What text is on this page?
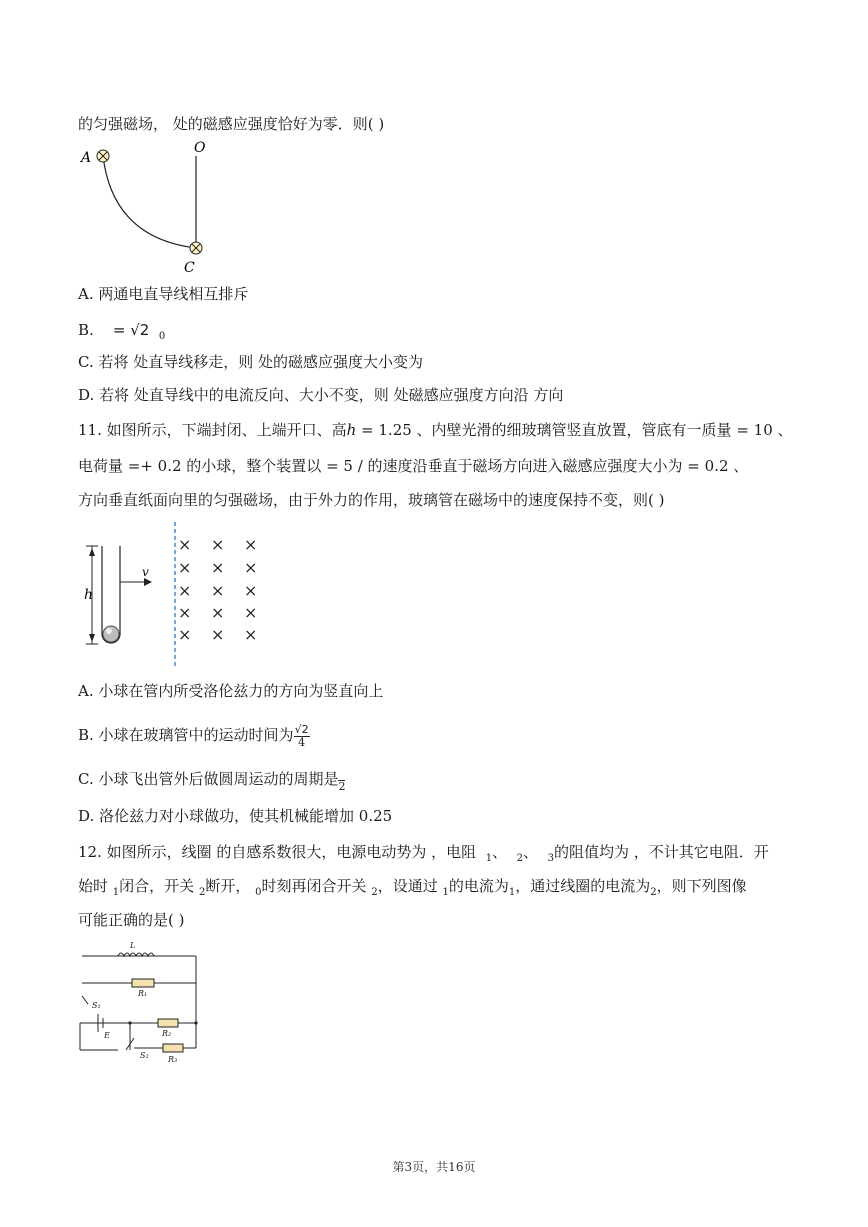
的匀强磁场， 处的磁感应强度恰好为零．则( )
A
O
C
A. 两通电直导线相互排斥
B. = √2 $_0$
C. 若将 处直导线移走，则 处的磁感应强度大小变为
D. 若将 处直导线中的电流反向、大小不变，则 处磁感应强度方向沿 方向
11. 如图所示，下端封闭、上端开口、高ℎ = 1.25 、内壁光滑的细玻璃管竖直放置，管底有一质量 = 10 、
电荷量 =+ 0.2 的小球，整个装置以 = 5 / 的速度沿垂直于磁场方向进入磁感应强度大小为 = 0.2 、
方向垂直纸面向里的匀强磁场，由于外力的作用，玻璃管在磁场中的速度保持不变，则( )
h
v
× × ×
× × ×
× × ×
× × ×
× × ×
A. 小球在管内所受洛伦兹力的方向为竖直向上
B. 小球在玻璃管中的运动时间为 $\frac{√2}{4}$
C. 小球飞出管外后做圆周运动的周期是
2
D. 洛伦兹力对小球做功，使其机械能增加 0.25
12. 如图所示，线圈 的自感系数很大，电源电动势为 ，电阻 $_1$、 $_2$、 $_3$的阻值均为 ，不计其它电阻．开
始时 $_1$闭合，开关 $_2$断开， $_0$时刻再闭合开关 $_2$，设通过 $_1$的电流为$_1$，通过线圈的电流为$_2$，则下列图像
可能正确的是( )
L
R₁
S₁
E	R₂
S₂ R₃
第3页，共16页
